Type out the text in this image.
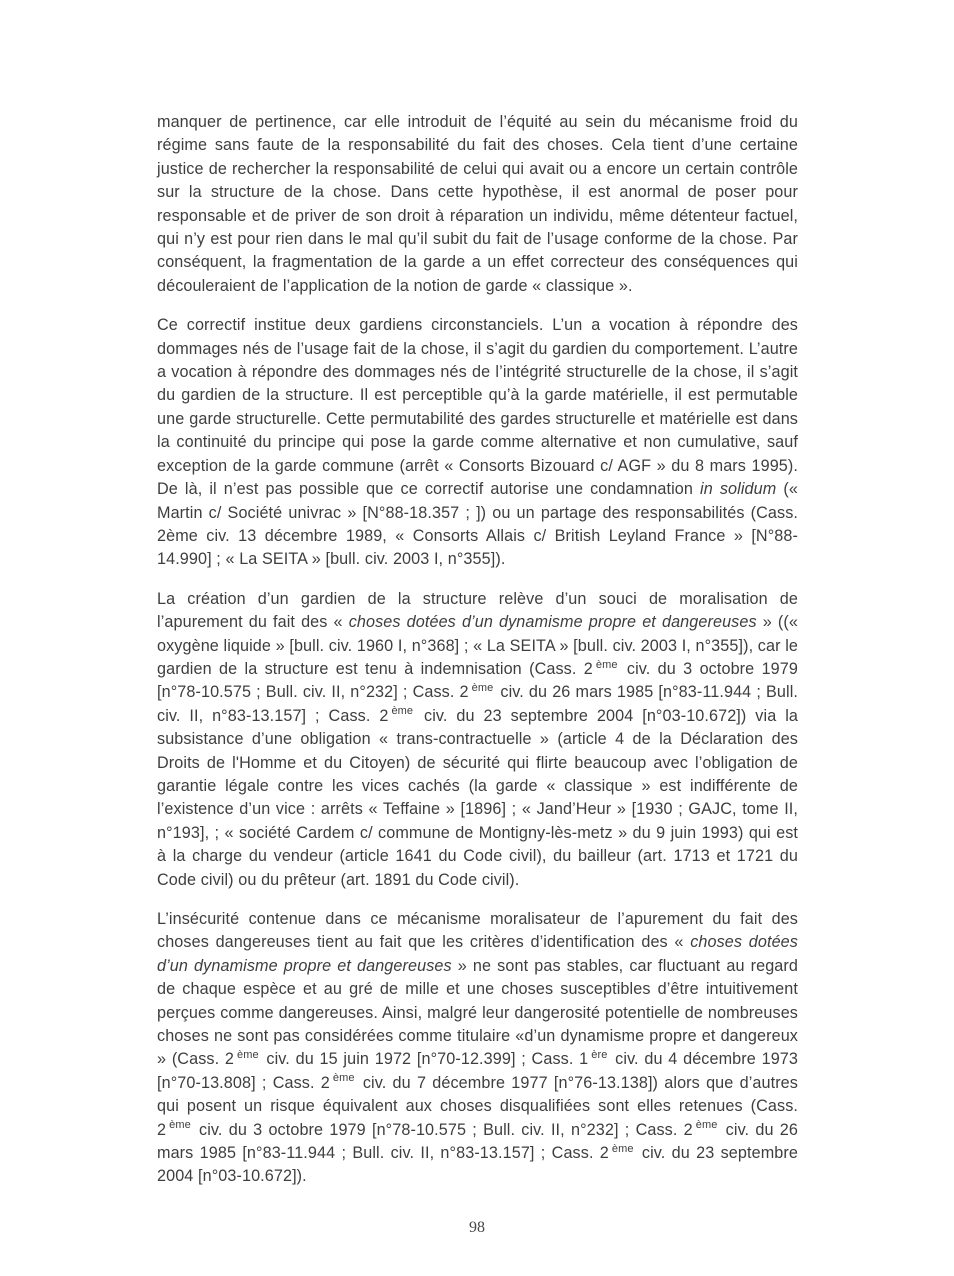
manquer de pertinence, car elle introduit de l’équité au sein du mécanisme froid du régime sans faute de la responsabilité du fait des choses. Cela tient d’une certaine justice de rechercher la responsabilité de celui qui avait ou a encore un certain contrôle sur la structure de la chose. Dans cette hypothèse, il est anormal de poser pour responsable et de priver de son droit à réparation un individu, même détenteur factuel, qui n’y est pour rien dans le mal qu’il subit du fait de l’usage conforme de la chose. Par conséquent, la fragmentation de la garde a un effet correcteur des conséquences qui découleraient de l’application de la notion de garde « classique ».

Ce correctif institue deux gardiens circonstanciels. L’un a vocation à répondre des dommages nés de l’usage fait de la chose, il s’agit du gardien du comportement. L’autre a vocation à répondre des dommages nés de l’intégrité structurelle de la chose, il s’agit du gardien de la structure. Il est perceptible qu’à la garde matérielle, il est permutable une garde structurelle. Cette permutabilité des gardes structurelle et matérielle est dans la continuité du principe qui pose la garde comme alternative et non cumulative, sauf exception de la garde commune (arrêt « Consorts Bizouard c/ AGF » du 8 mars 1995). De là, il n’est pas possible que ce correctif autorise une condamnation in solidum (« Martin c/ Société univrac » [N°88-18.357 ; ]) ou un partage des responsabilités (Cass. 2ème civ. 13 décembre 1989, « Consorts Allais c/ British Leyland France » [N°88-14.990] ; « La SEITA » [bull. civ. 2003 I, n°355]).

La création d’un gardien de la structure relève d’un souci de moralisation de l’apurement du fait des « choses dotées d’un dynamisme propre et dangereuses » ((« oxygène liquide » [bull. civ. 1960 I, n°368] ; « La SEITA » [bull. civ. 2003 I, n°355]), car le gardien de la structure est tenu à indemnisation (Cass. 2 $^{ème}$ civ. du 3 octobre 1979 [n°78-10.575 ; Bull. civ. II, n°232] ; Cass. 2 $^{ème}$ civ. du 26 mars 1985 [n°83-11.944 ; Bull. civ. II, n°83-13.157] ; Cass. 2 $^{ème}$ civ. du 23 septembre 2004 [n°03-10.672]) via la subsistance d’une obligation « trans-contractuelle » (article 4 de la Déclaration des Droits de l'Homme et du Citoyen) de sécurité qui flirte beaucoup avec l’obligation de garantie légale contre les vices cachés (la garde « classique » est indifférente de l’existence d’un vice : arrêts « Teffaine » [1896] ; « Jand’Heur » [1930 ; GAJC, tome II, n°193], ; « société Cardem c/ commune de Montigny-lès-metz » du 9 juin 1993) qui est à la charge du vendeur (article 1641 du Code civil), du bailleur (art. 1713 et 1721 du Code civil) ou du prêteur (art. 1891 du Code civil).

L’insécurité contenue dans ce mécanisme moralisateur de l’apurement du fait des choses dangereuses tient au fait que les critères d’identification des « choses dotées d’un dynamisme propre et dangereuses » ne sont pas stables, car fluctuant au regard de chaque espèce et au gré de mille et une choses susceptibles d’être intuitivement perçues comme dangereuses. Ainsi, malgré leur dangerosité potentielle de nombreuses choses ne sont pas considérées comme titulaire «d’un dynamisme propre et dangereux » (Cass. 2 $^{ème}$ civ. du 15 juin 1972 [n°70-12.399] ; Cass. 1 $^{ère}$ civ. du 4 décembre 1973 [n°70-13.808] ; Cass. 2 $^{ème}$ civ. du 7 décembre 1977 [n°76-13.138]) alors que d’autres qui posent un risque équivalent aux choses disqualifiées sont elles retenues (Cass. 2 $^{ème}$ civ. du 3 octobre 1979 [n°78-10.575 ; Bull. civ. II, n°232] ; Cass. 2 $^{ème}$ civ. du 26 mars 1985 [n°83-11.944 ; Bull. civ. II, n°83-13.157] ; Cass. 2 $^{ème}$ civ. du 23 septembre 2004 [n°03-10.672]).

98
